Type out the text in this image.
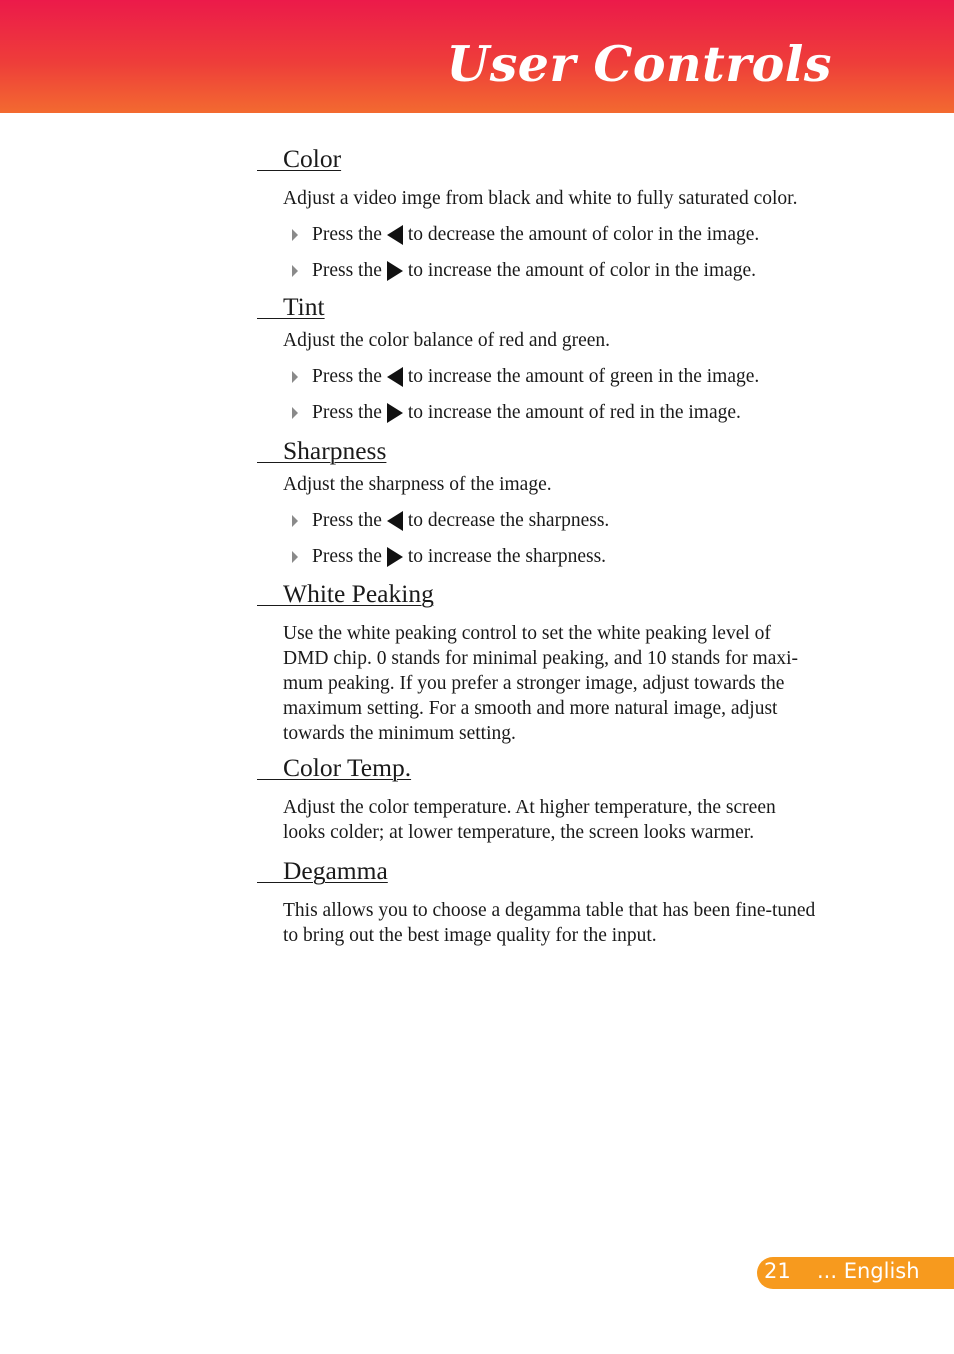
User Controls
Color
Adjust a video imge from black and white to fully saturated color.
Press the to decrease the amount of color in the image.
Press the to increase the amount of color in the image.
Tint
Adjust the color balance of red and green.
Press the to increase the amount of green in the image.
Press the to increase the amount of red in the image.
Sharpness
Adjust the sharpness of the image.
Press the to decrease the sharpness.
Press the to increase the sharpness.
White Peaking
Use the white peaking control to set the white peaking level of
DMD chip. 0 stands for minimal peaking, and 10 stands for maxi-
mum peaking. If you prefer a stronger image, adjust towards the
maximum setting. For a smooth and more natural image, adjust
towards the minimum setting.
Color Temp.
Adjust the color temperature. At higher temperature, the screen
looks colder; at lower temperature, the screen looks warmer.
Degamma
This allows you to choose a degamma table that has been fine-tuned
to bring out the best image quality for the input.
21 ... English
